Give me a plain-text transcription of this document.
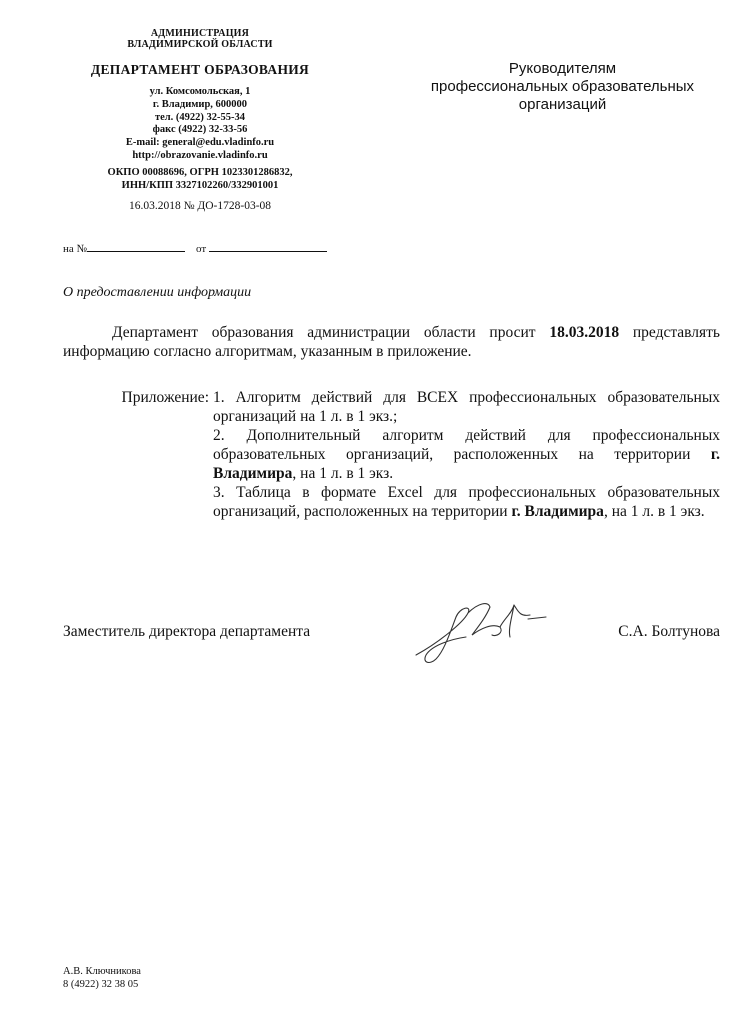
АДМИНИСТРАЦИЯ
ВЛАДИМИРСКОЙ ОБЛАСТИ
ДЕПАРТАМЕНТ ОБРАЗОВАНИЯ
ул. Комсомольская, 1
г. Владимир, 600000
тел. (4922) 32-55-34
факс (4922) 32-33-56
E-mail: general@edu.vladinfo.ru
http://obrazovanie.vladinfo.ru
ОКПО 00088696, ОГРН 1023301286832,
ИНН/КПП 3327102260/332901001
16.03.2018 № ДО-1728-03-08
на №	от
Руководителям
профессиональных образовательных
организаций
О предоставлении информации
Департамент образования администрации области просит 18.03.2018 представлять информацию согласно алгоритмам, указанным в приложение.
Приложение: 1. Алгоритм действий для ВСЕХ профессиональных образовательных организаций на 1 л. в 1 экз.;

2. Дополнительный алгоритм действий для профессиональных образовательных организаций, расположенных на территории г. Владимира, на 1 л. в 1 экз.

3. Таблица в формате Excel для профессиональных образовательных организаций, расположенных на территории г. Владимира, на 1 л. в 1 экз.

Заместитель директора департамента	С.А. Болтунова
А.В. Ключникова
8 (4922) 32 38 05
